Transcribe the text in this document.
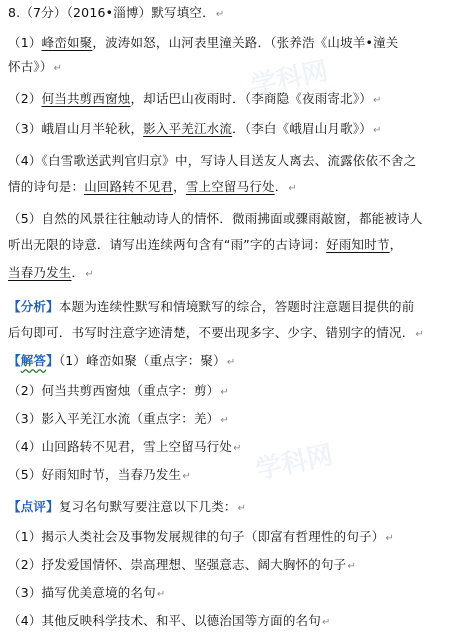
学科网
学科网
8.（7分）（2016•淄博）默写填空．↵
（1）峰峦如聚，波涛如怒，山河表里潼关路．（张养浩《山坡羊•潼关
怀古》）↵
（2）何当共剪西窗烛，却话巴山夜雨时．（李商隐《夜雨寄北》）↵
（3）峨眉山月半轮秋，影入平羌江水流．（李白《峨眉山月歌》）↵
（4）《白雪歌送武判官归京》中，写诗人目送友人离去、流露依依不舍之
情的诗句是：山回路转不见君，雪上空留马行处．↵
（5）自然的风景往往触动诗人的情怀．微雨拂面或骤雨敲窗，都能被诗人
听出无限的诗意．请写出连续两句含有“雨”字的古诗词：好雨知时节，
当春乃发生．↵
【分析】本题为连续性默写和情境默写的综合，答题时注意题目提供的前
后句即可．书写时注意字迹清楚，不要出现多字、少字、错别字的情况．↵
【解答】（1）峰峦如聚（重点字：聚）↵
（2）何当共剪西窗烛（重点字：剪）↵
（3）影入平羌江水流（重点字：羌）↵
（4）山回路转不见君，雪上空留马行处↵
（5）好雨知时节，当春乃发生↵
【点评】复习名句默写要注意以下几类：↵
（1）揭示人类社会及事物发展规律的句子（即富有哲理性的句子）↵
（2）抒发爱国情怀、崇高理想、坚强意志、阔大胸怀的句子↵
（3）描写优美意境的名句↵
（4）其他反映科学技术、和平、以德治国等方面的名句↵
